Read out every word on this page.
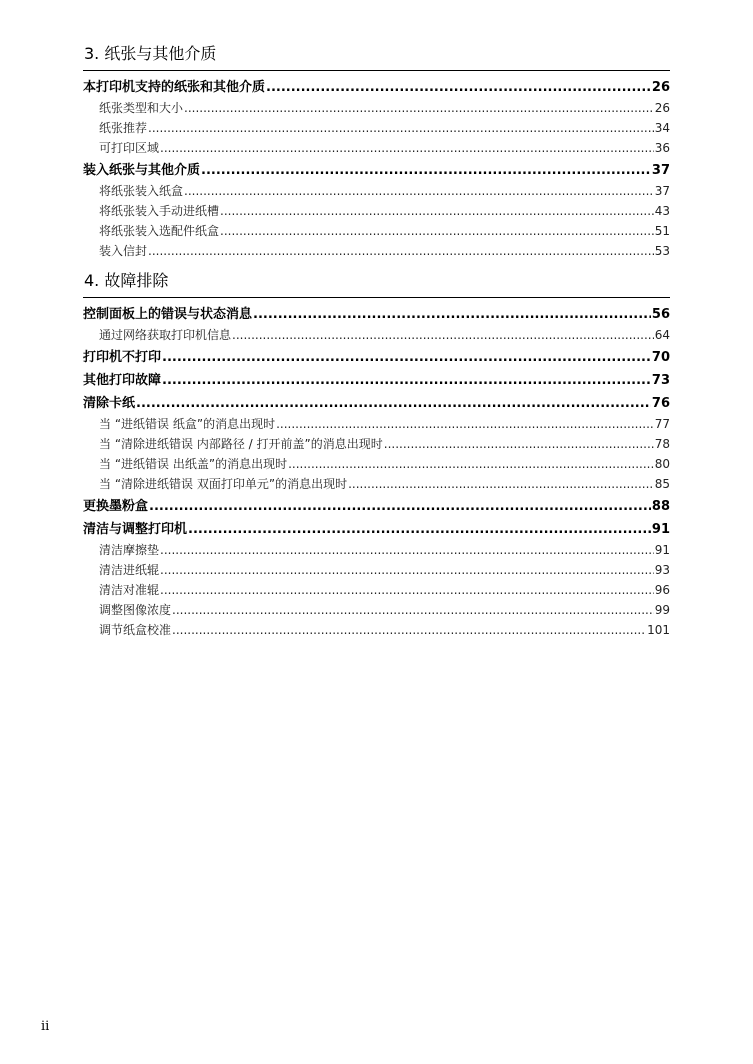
3. 纸张与其他介质
本打印机支持的纸张和其他介质 .....	26
纸张类型和大小 .....	26
纸张推荐 .....	34
可打印区域 .....	36
装入纸张与其他介质 .....	37
将纸张装入纸盒 .....	37
将纸张装入手动进纸槽 .....	43
将纸张装入选配件纸盒 .....	51
装入信封 .....	53
4. 故障排除
控制面板上的错误与状态消息 .....	56
通过网络获取打印机信息 .....	64
打印机不打印 .....	70
其他打印故障 .....	73
清除卡纸 .....	76
当 “进纸错误 纸盒”的消息出现时 .....	77
当 “清除进纸错误 内部路径 / 打开前盖”的消息出现时 .....	78
当 “进纸错误 出纸盖”的消息出现时 .....	80
当 “清除进纸错误 双面打印单元”的消息出现时 .....	85
更换墨粉盒 .....	88
清洁与调整打印机 .....	91
清洁摩擦垫 .....	91
清洁进纸辊 .....	93
清洁对准辊 .....	96
调整图像浓度 .....	99
调节纸盒校准 .....	101
ii
